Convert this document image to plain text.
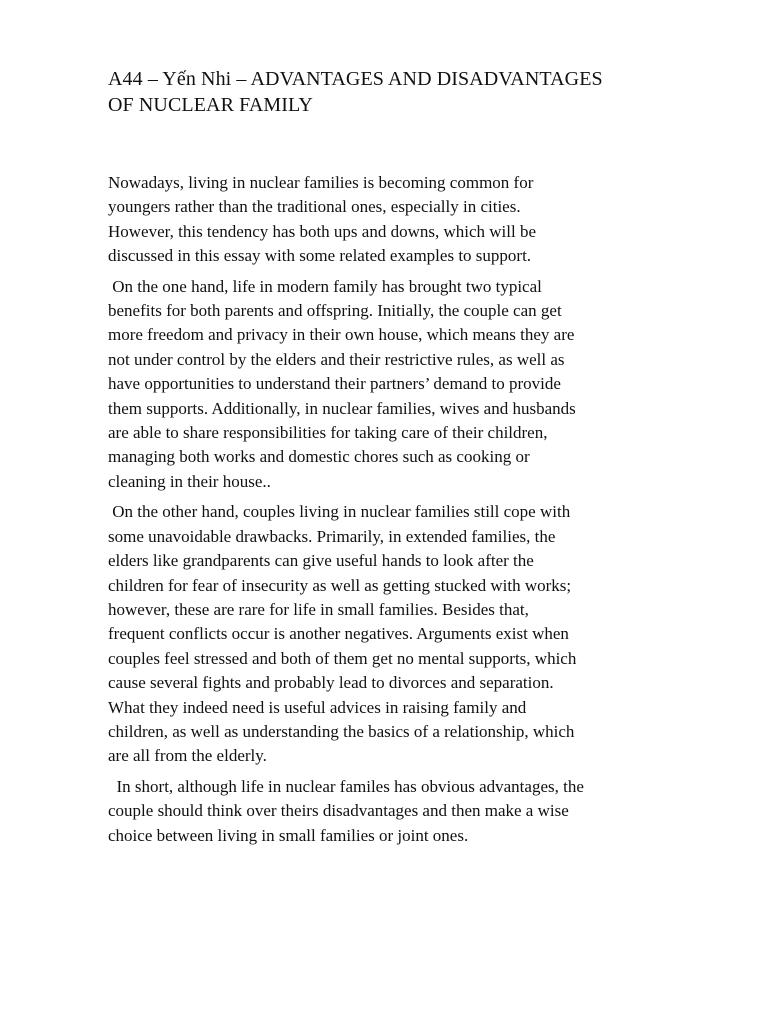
A44 – Yến Nhi – ADVANTAGES AND DISADVANTAGES
OF NUCLEAR FAMILY

Nowadays, living in nuclear families is becoming common for
youngers rather than the traditional ones, especially in cities.
However, this tendency has both ups and downs, which will be
discussed in this essay with some related examples to support.

On the one hand, life in modern family has brought two typical
benefits for both parents and offspring. Initially, the couple can get
more freedom and privacy in their own house, which means they are
not under control by the elders and their restrictive rules, as well as
have opportunities to understand their partners’ demand to provide
them supports. Additionally, in nuclear families, wives and husbands
are able to share responsibilities for taking care of their children,
managing both works and domestic chores such as cooking or
cleaning in their house..

On the other hand, couples living in nuclear families still cope with
some unavoidable drawbacks. Primarily, in extended families, the
elders like grandparents can give useful hands to look after the
children for fear of insecurity as well as getting stucked with works;
however, these are rare for life in small families. Besides that,
frequent conflicts occur is another negatives. Arguments exist when
couples feel stressed and both of them get no mental supports, which
cause several fights and probably lead to divorces and separation.
What they indeed need is useful advices in raising family and
children, as well as understanding the basics of a relationship, which
are all from the elderly.

In short, although life in nuclear familes has obvious advantages, the
couple should think over theirs disadvantages and then make a wise
choice between living in small families or joint ones.
